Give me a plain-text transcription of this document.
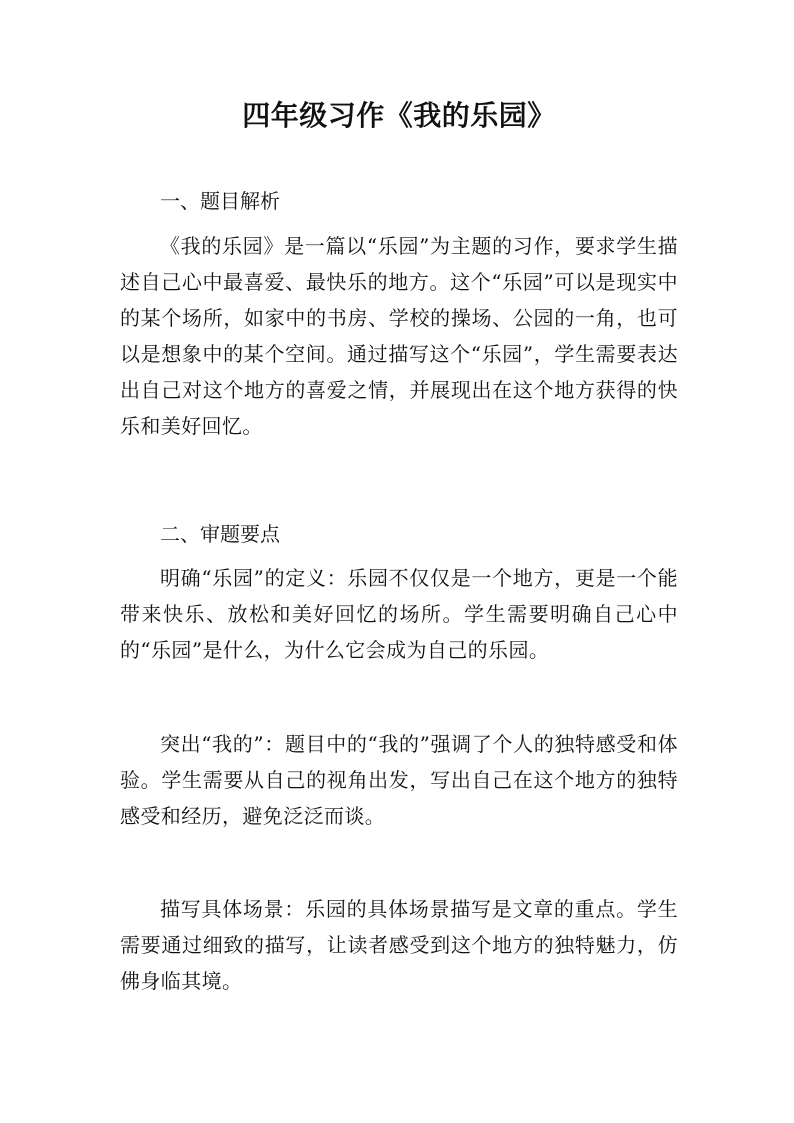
四年级习作《我的乐园》

一、题目解析

《我的乐园》是一篇以“乐园”为主题的习作，要求学生描述自己心中最喜爱、最快乐的地方。这个“乐园”可以是现实中的某个场所，如家中的书房、学校的操场、公园的一角，也可以是想象中的某个空间。通过描写这个“乐园”，学生需要表达出自己对这个地方的喜爱之情，并展现出在这个地方获得的快乐和美好回忆。

二、审题要点

明确“乐园”的定义：乐园不仅仅是一个地方，更是一个能带来快乐、放松和美好回忆的场所。学生需要明确自己心中的“乐园”是什么，为什么它会成为自己的乐园。

突出“我的”：题目中的“我的”强调了个人的独特感受和体验。学生需要从自己的视角出发，写出自己在这个地方的独特感受和经历，避免泛泛而谈。

描写具体场景：乐园的具体场景描写是文章的重点。学生需要通过细致的描写，让读者感受到这个地方的独特魅力，仿佛身临其境。
